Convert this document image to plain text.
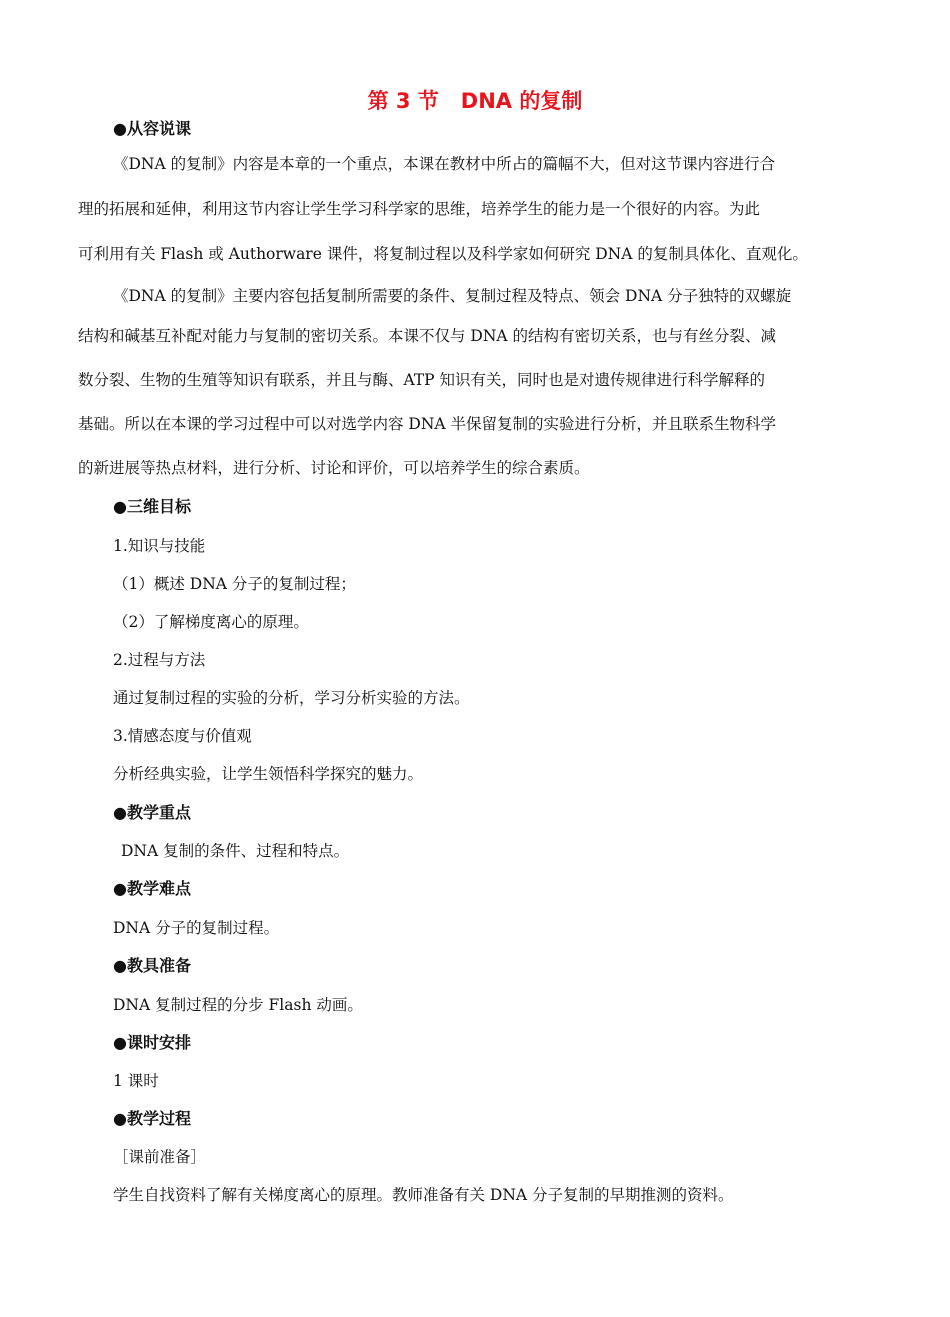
第 3 节   DNA 的复制
●从容说课
《DNA 的复制》内容是本章的一个重点，本课在教材中所占的篇幅不大，但对这节课内容进行合
理的拓展和延伸，利用这节内容让学生学习科学家的思维，培养学生的能力是一个很好的内容。为此
可利用有关 Flash 或 Authorware 课件，将复制过程以及科学家如何研究 DNA 的复制具体化、直观化。
《DNA 的复制》主要内容包括复制所需要的条件、复制过程及特点、领会 DNA 分子独特的双螺旋
结构和碱基互补配对能力与复制的密切关系。本课不仅与 DNA 的结构有密切关系，也与有丝分裂、减
数分裂、生物的生殖等知识有联系，并且与酶、ATP 知识有关，同时也是对遗传规律进行科学解释的
基础。所以在本课的学习过程中可以对选学内容 DNA 半保留复制的实验进行分析，并且联系生物科学
的新进展等热点材料，进行分析、讨论和评价，可以培养学生的综合素质。
●三维目标
1.知识与技能
（1）概述 DNA 分子的复制过程；
（2）了解梯度离心的原理。
2.过程与方法
通过复制过程的实验的分析，学习分析实验的方法。
3.情感态度与价值观
分析经典实验，让学生领悟科学探究的魅力。
●教学重点
DNA 复制的条件、过程和特点。
●教学难点
DNA 分子的复制过程。
●教具准备
DNA 复制过程的分步 Flash 动画。
●课时安排
1 课时
●教学过程
［课前准备］
学生自找资料了解有关梯度离心的原理。教师准备有关 DNA 分子复制的早期推测的资料。
